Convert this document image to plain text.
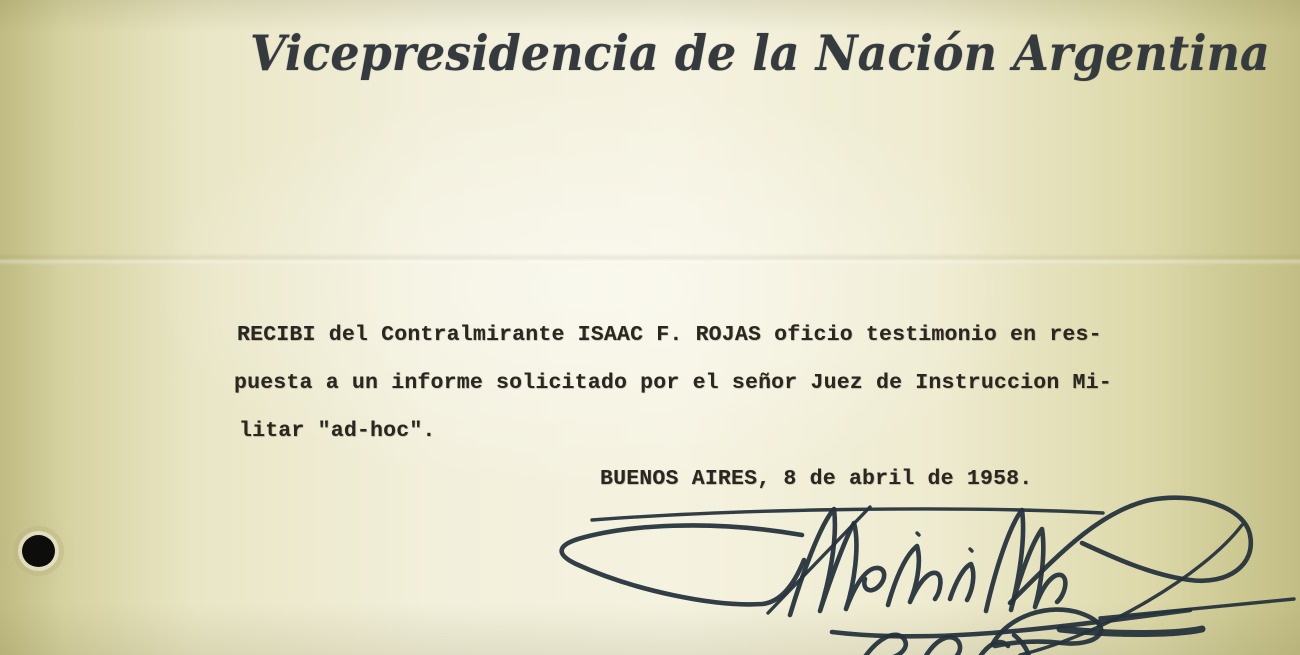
Vicepresidencia de la Nación Argentina
RECIBI del Contralmirante ISAAC F. ROJAS oficio testimonio en res-
puesta a un informe solicitado por el señor Juez de Instruccion Mi-
litar "ad-hoc".
BUENOS AIRES, 8 de abril de 1958.
